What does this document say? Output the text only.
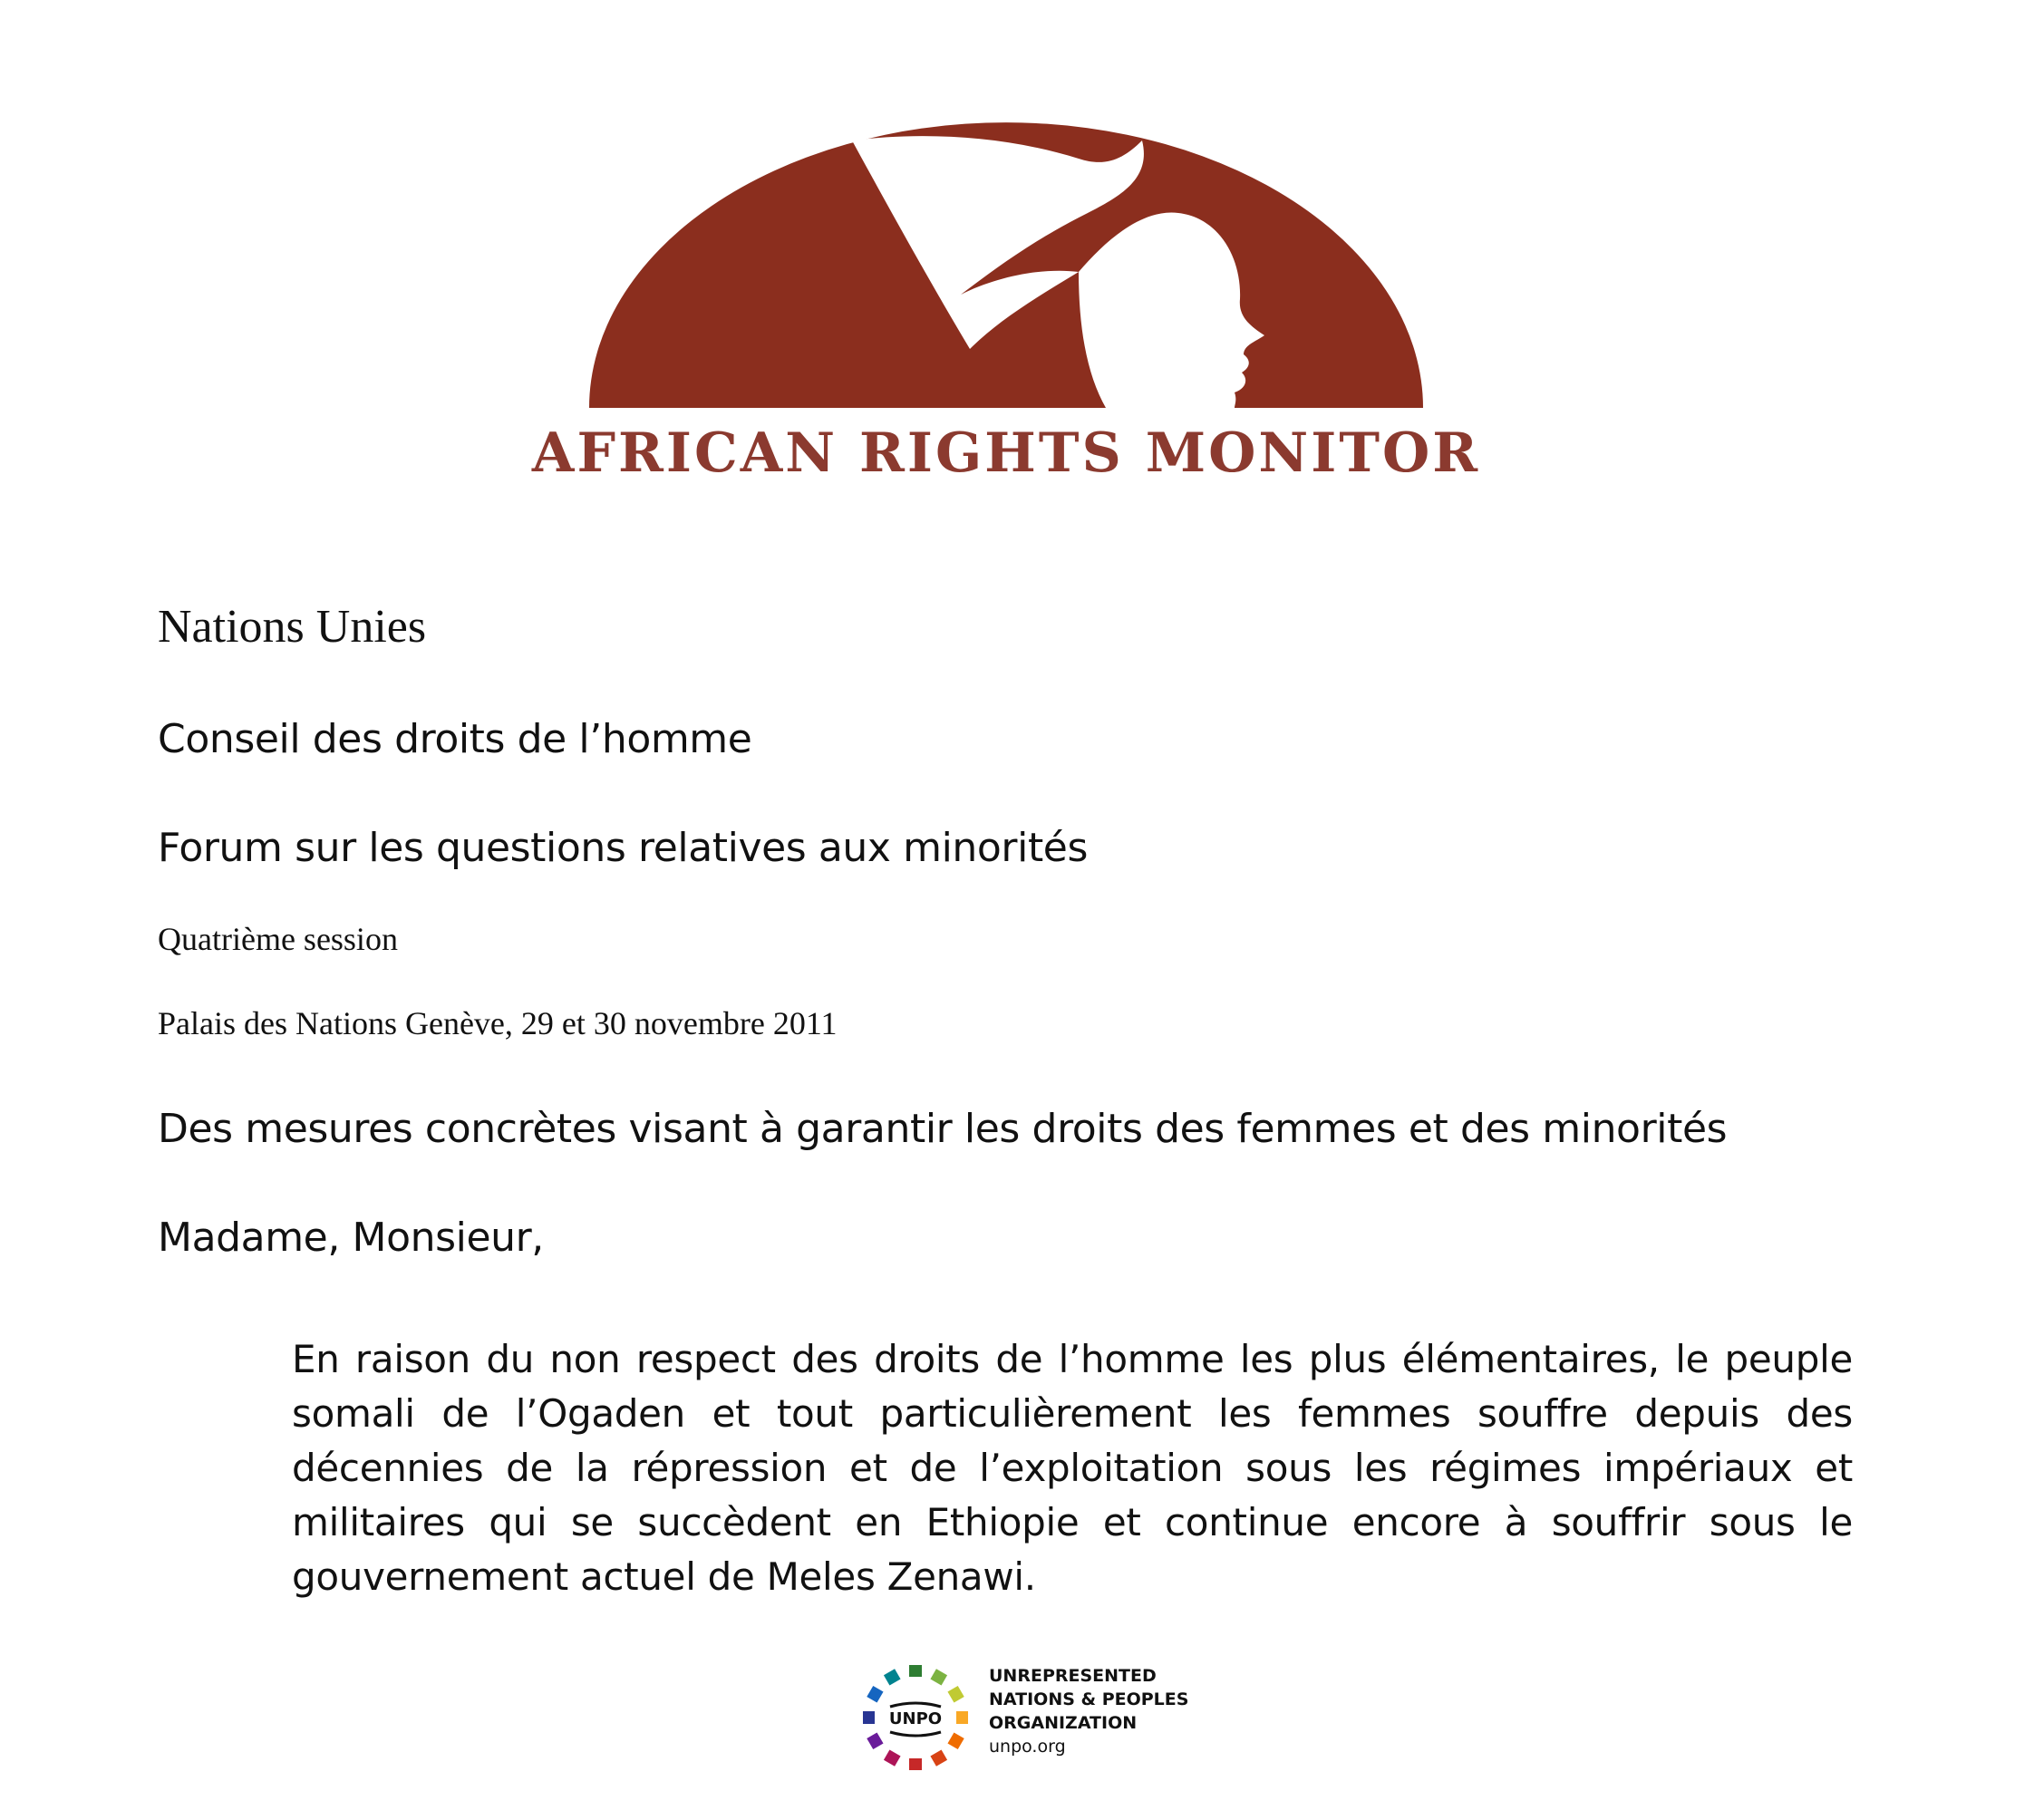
AFRICAN RIGHTS MONITOR
Nations Unies
Conseil des droits de l’homme
Forum sur les questions relatives aux minorités
Quatrième session
Palais des Nations Genève, 29 et 30 novembre 2011
Des mesures concrètes visant à garantir les droits des femmes et des minorités
Madame, Monsieur,
En raison du non respect des droits de l’homme les plus élémentaires, le peuple somali de l’Ogaden et tout particulièrement les femmes souffre depuis des décennies de la répression et de l’exploitation sous les régimes impériaux et militaires qui se succèdent en Ethiopie et continue encore à souffrir sous le gouvernement actuel de Meles Zenawi.
UNPO
UNREPRESENTED
NATIONS & PEOPLES
ORGANIZATION
unpo.org
